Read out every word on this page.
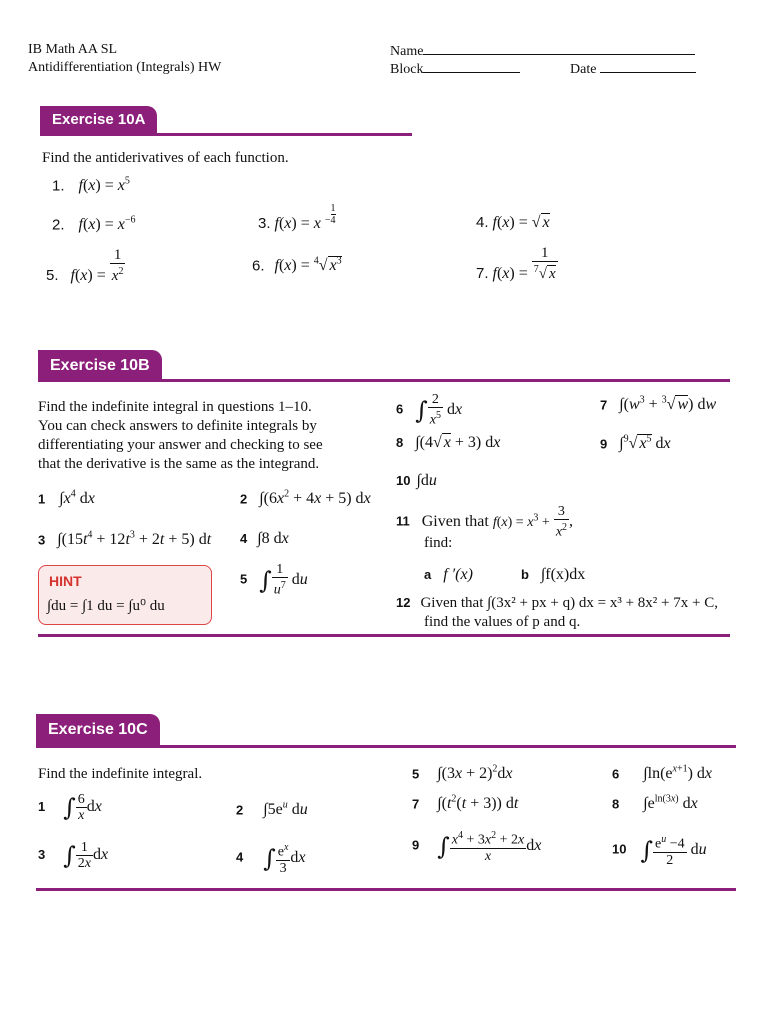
IB Math AA SL
Antidifferentiation (Integrals) HW
Name
Block	Date
Exercise 10A
Find the antiderivatives of each function.
1. $f(x) = x^5$
2. $f(x) = x^{-6}$	3. $f(x) = x - \frac{1}{4}$	4. f(x) = √ x
5. $f(x) = \frac{1}{x^2}$	6. f(x) = $^4$√ $x^3$
7. $f(x) = \frac{1}{^7√ x}$
Exercise 10B
Find the indefinite integral in questions 1–10.
You can check answers to definite integrals by
differentiating your answer and checking to see
that the derivative is the same as the integrand.
1 $\int x^4$ dx	2 $\int(6x^2 + 4x + 5)$ dx
3 $\int(15t^4 + 12t^3 + 2t + 5)$ dt 4 ∫8 dx
5 ∫ $\frac{1}{u^7}$ du
HINT
∫du = ∫1 du = ∫u⁰ du
6 ∫ $\frac{2}{x^5}$ dx	7 $\int(w^3 + ^3√$ w) dw
8 ∫(4√ x + 3) dx	9 ∫$^9$√ $x^5$ dx
10 ∫du
11 Given that $f(x) = x^3 + \frac{3}{x^2}$ ,
find:
a f ′(x)	b ∫f(x)dx
12 Given that ∫(3x² + px + q) dx = x³ + 8x² + 7x + C,
find the values of p and q.
Exercise 10C
Find the indefinite integral.
1 ∫ $\frac{6}{x}$ dx	2 $\int 5e^u$ du
3 ∫ $\frac{1}{2x}$ dx	4 ∫ $\frac{e^x}{3}$ dx
5 $\int(3x + 2)^2dx$	6 $\int\ln(e^{x+1})$ dx
7 $\int(t^2(t + 3))$ dt	8 $\int e^{ln(3x)}$ dx
9 ∫ $\frac{x^4 + 3x^2 + 2x}{x}$ dx	10 ∫ $\frac{e^u -4}{2}$ du
